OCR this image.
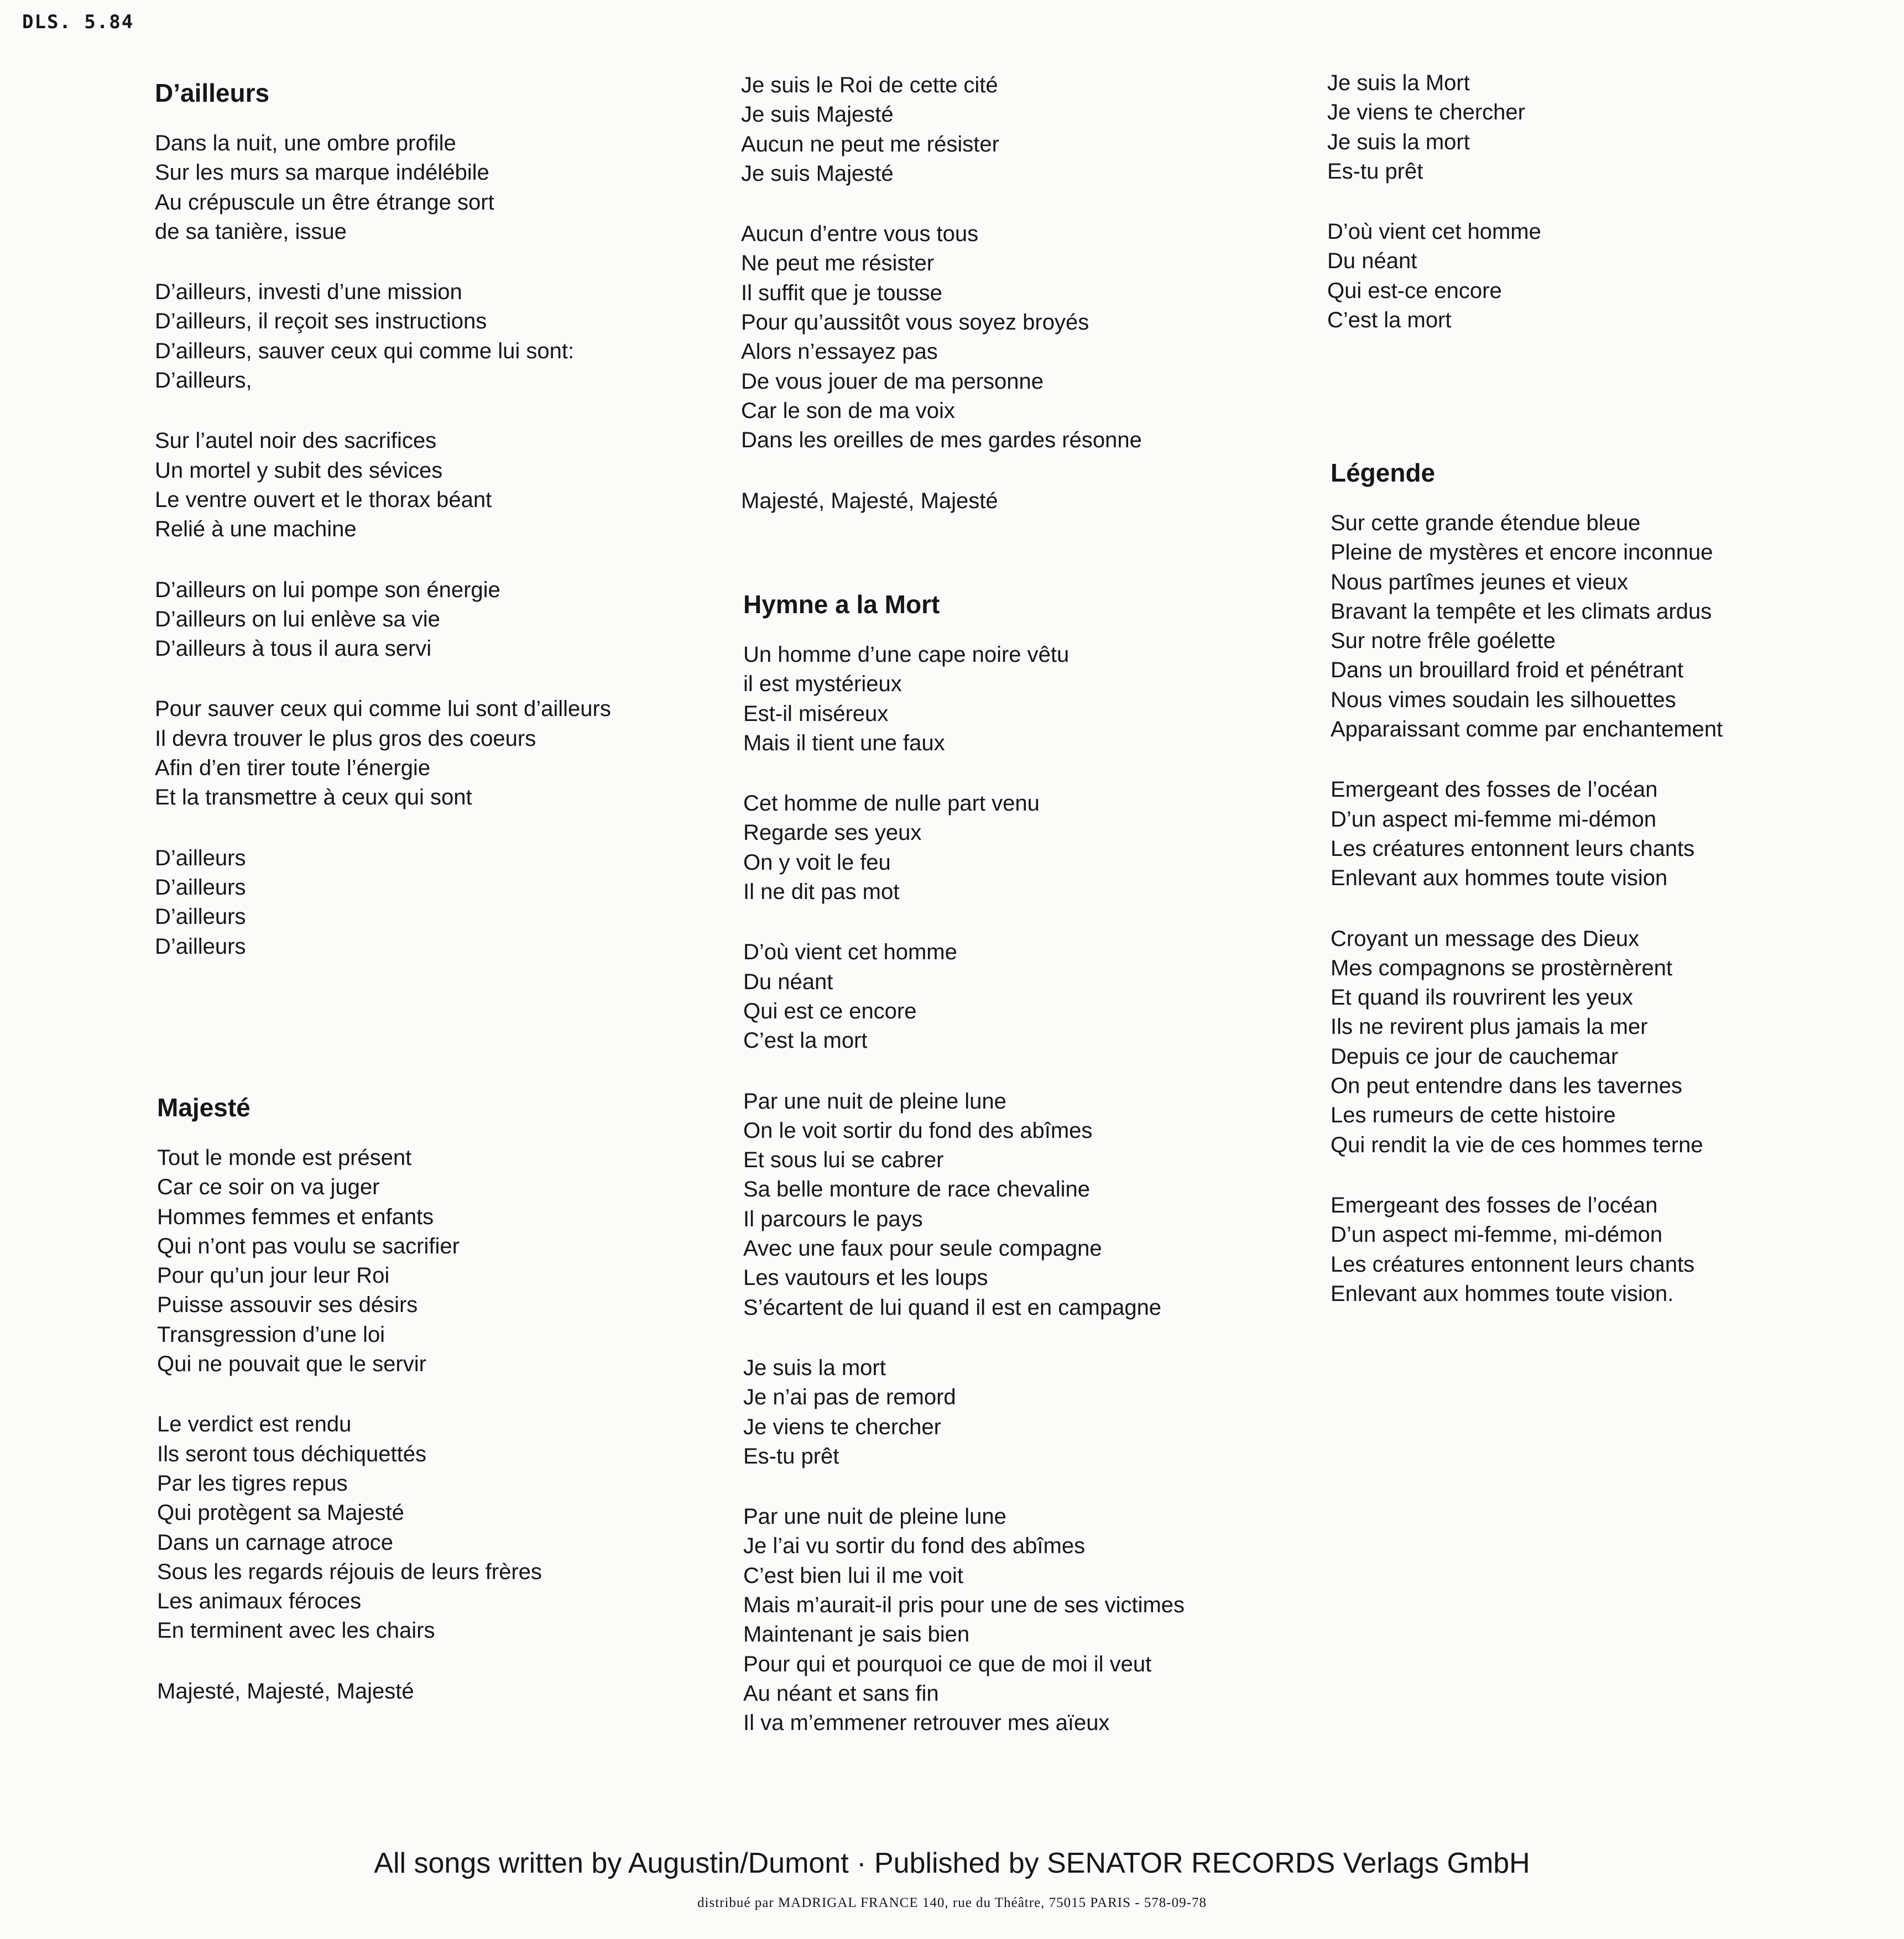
DLS. 5.84
D’ailleurs
Dans la nuit, une ombre profile
Sur les murs sa marque indélébile
Au crépuscule un être étrange sort
de sa tanière, issue
D’ailleurs, investi d’une mission
D’ailleurs, il reçoit ses instructions
D’ailleurs, sauver ceux qui comme lui sont:
D’ailleurs,
Sur l’autel noir des sacrifices
Un mortel y subit des sévices
Le ventre ouvert et le thorax béant
Relié à une machine
D’ailleurs on lui pompe son énergie
D’ailleurs on lui enlève sa vie
D’ailleurs à tous il aura servi
Pour sauver ceux qui comme lui sont d’ailleurs
Il devra trouver le plus gros des coeurs
Afin d’en tirer toute l’énergie
Et la transmettre à ceux qui sont
D’ailleurs
D’ailleurs
D’ailleurs
D’ailleurs
Majesté
Tout le monde est présent
Car ce soir on va juger
Hommes femmes et enfants
Qui n’ont pas voulu se sacrifier
Pour qu’un jour leur Roi
Puisse assouvir ses désirs
Transgression d’une loi
Qui ne pouvait que le servir
Le verdict est rendu
Ils seront tous déchiquettés
Par les tigres repus
Qui protègent sa Majesté
Dans un carnage atroce
Sous les regards réjouis de leurs frères
Les animaux féroces
En terminent avec les chairs
Majesté, Majesté, Majesté
Je suis le Roi de cette cité
Je suis Majesté
Aucun ne peut me résister
Je suis Majesté
Aucun d’entre vous tous
Ne peut me résister
Il suffit que je tousse
Pour qu’aussitôt vous soyez broyés
Alors n’essayez pas
De vous jouer de ma personne
Car le son de ma voix
Dans les oreilles de mes gardes résonne
Majesté, Majesté, Majesté
Hymne a la Mort
Un homme d’une cape noire vêtu
il est mystérieux
Est-il miséreux
Mais il tient une faux
Cet homme de nulle part venu
Regarde ses yeux
On y voit le feu
Il ne dit pas mot
D’où vient cet homme
Du néant
Qui est ce encore
C’est la mort
Par une nuit de pleine lune
On le voit sortir du fond des abîmes
Et sous lui se cabrer
Sa belle monture de race chevaline
Il parcours le pays
Avec une faux pour seule compagne
Les vautours et les loups
S’écartent de lui quand il est en campagne
Je suis la mort
Je n’ai pas de remord
Je viens te chercher
Es-tu prêt
Par une nuit de pleine lune
Je l’ai vu sortir du fond des abîmes
C’est bien lui il me voit
Mais m’aurait-il pris pour une de ses victimes
Maintenant je sais bien
Pour qui et pourquoi ce que de moi il veut
Au néant et sans fin
Il va m’emmener retrouver mes aïeux
Je suis la Mort
Je viens te chercher
Je suis la mort
Es-tu prêt
D’où vient cet homme
Du néant
Qui est-ce encore
C’est la mort
Légende
Sur cette grande étendue bleue
Pleine de mystères et encore inconnue
Nous partîmes jeunes et vieux
Bravant la tempête et les climats ardus
Sur notre frêle goélette
Dans un brouillard froid et pénétrant
Nous vimes soudain les silhouettes
Apparaissant comme par enchantement
Emergeant des fosses de l’océan
D’un aspect mi-femme mi-démon
Les créatures entonnent leurs chants
Enlevant aux hommes toute vision
Croyant un message des Dieux
Mes compagnons se prostèrnèrent
Et quand ils rouvrirent les yeux
Ils ne revirent plus jamais la mer
Depuis ce jour de cauchemar
On peut entendre dans les tavernes
Les rumeurs de cette histoire
Qui rendit la vie de ces hommes terne
Emergeant des fosses de l’océan
D’un aspect mi-femme, mi-démon
Les créatures entonnent leurs chants
Enlevant aux hommes toute vision.
All songs written by Augustin/Dumont · Published by SENATOR RECORDS Verlags GmbH
distribué par MADRIGAL FRANCE 140, rue du Théâtre, 75015 PARIS - 578-09-78
